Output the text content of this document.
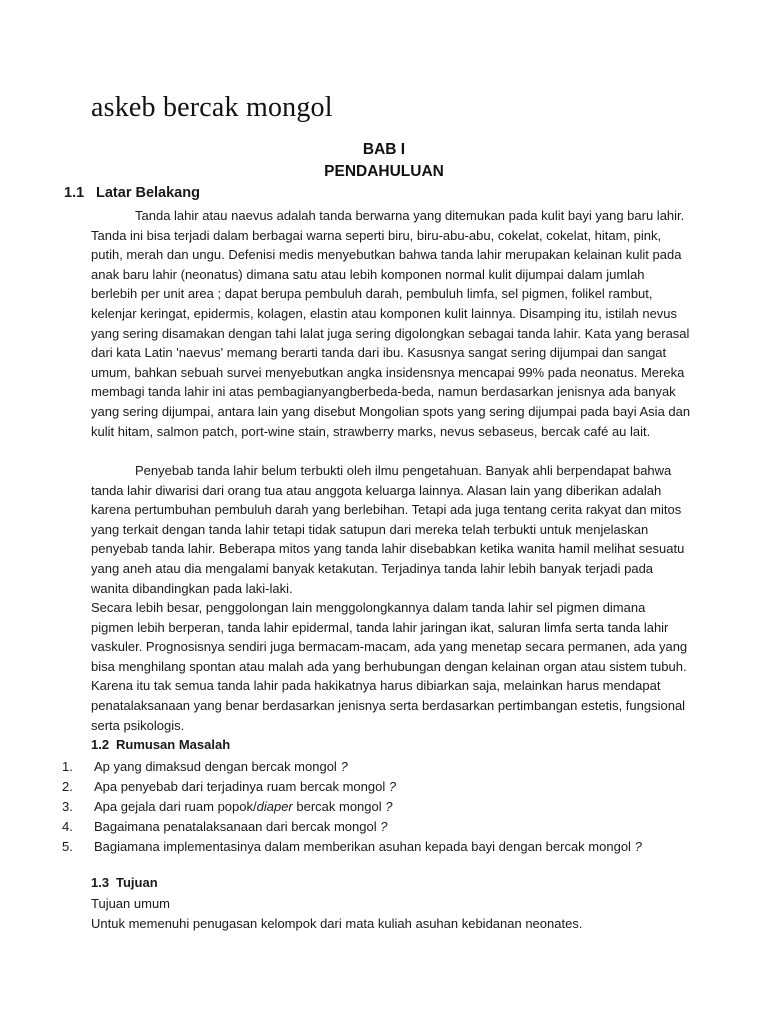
askeb bercak mongol
BAB I
PENDAHULUAN
1.1 Latar Belakang

Tanda lahir atau naevus adalah tanda berwarna yang ditemukan pada kulit bayi yang baru lahir. Tanda ini bisa terjadi dalam berbagai warna seperti biru, biru-abu-abu, cokelat, cokelat, hitam, pink, putih, merah dan ungu. Defenisi medis menyebutkan bahwa tanda lahir merupakan kelainan kulit pada anak baru lahir (neonatus) dimana satu atau lebih komponen normal kulit dijumpai dalam jumlah berlebih per unit area ; dapat berupa pembuluh darah, pembuluh limfa, sel pigmen, folikel rambut, kelenjar keringat, epidermis, kolagen, elastin atau komponen kulit lainnya. Disamping itu, istilah nevus yang sering disamakan dengan tahi lalat juga sering digolongkan sebagai tanda lahir. Kata yang berasal dari kata Latin 'naevus' memang berarti tanda dari ibu. Kasusnya sangat sering dijumpai dan sangat umum, bahkan sebuah survei menyebutkan angka insidensnya mencapai 99% pada neonatus. Mereka membagi tanda lahir ini atas pembagianyangberbeda-beda, namun berdasarkan jenisnya ada banyak yang sering dijumpai, antara lain yang disebut Mongolian spots yang sering dijumpai pada bayi Asia dan kulit hitam, salmon patch, port-wine stain, strawberry marks, nevus sebaseus, bercak café au lait.

Penyebab tanda lahir belum terbukti oleh ilmu pengetahuan. Banyak ahli berpendapat bahwa tanda lahir diwarisi dari orang tua atau anggota keluarga lainnya. Alasan lain yang diberikan adalah karena pertumbuhan pembuluh darah yang berlebihan. Tetapi ada juga tentang cerita rakyat dan mitos yang terkait dengan tanda lahir tetapi tidak satupun dari mereka telah terbukti untuk menjelaskan penyebab tanda lahir. Beberapa mitos yang tanda lahir disebabkan ketika wanita hamil melihat sesuatu yang aneh atau dia mengalami banyak ketakutan. Terjadinya tanda lahir lebih banyak terjadi pada wanita dibandingkan pada laki-laki.

Secara lebih besar, penggolongan lain menggolongkannya dalam tanda lahir sel pigmen dimana pigmen lebih berperan, tanda lahir epidermal, tanda lahir jaringan ikat, saluran limfa serta tanda lahir vaskuler. Prognosisnya sendiri juga bermacam-macam, ada yang menetap secara permanen, ada yang bisa menghilang spontan atau malah ada yang berhubungan dengan kelainan organ atau sistem tubuh. Karena itu tak semua tanda lahir pada hakikatnya harus dibiarkan saja, melainkan harus mendapat penatalaksanaan yang benar berdasarkan jenisnya serta berdasarkan pertimbangan estetis, fungsional serta psikologis.

1.2 Rumusan Masalah
1. Ap yang dimaksud dengan bercak mongol ?
2. Apa penyebab dari terjadinya ruam bercak mongol ?
3. Apa gejala dari ruam popok/diaper bercak mongol ?
4. Bagaimana penatalaksanaan dari bercak mongol ?
5. Bagiamana implementasinya dalam memberikan asuhan kepada bayi dengan bercak mongol ?
1.3 Tujuan

Tujuan umum

Untuk memenuhi penugasan kelompok dari mata kuliah asuhan kebidanan neonates.
